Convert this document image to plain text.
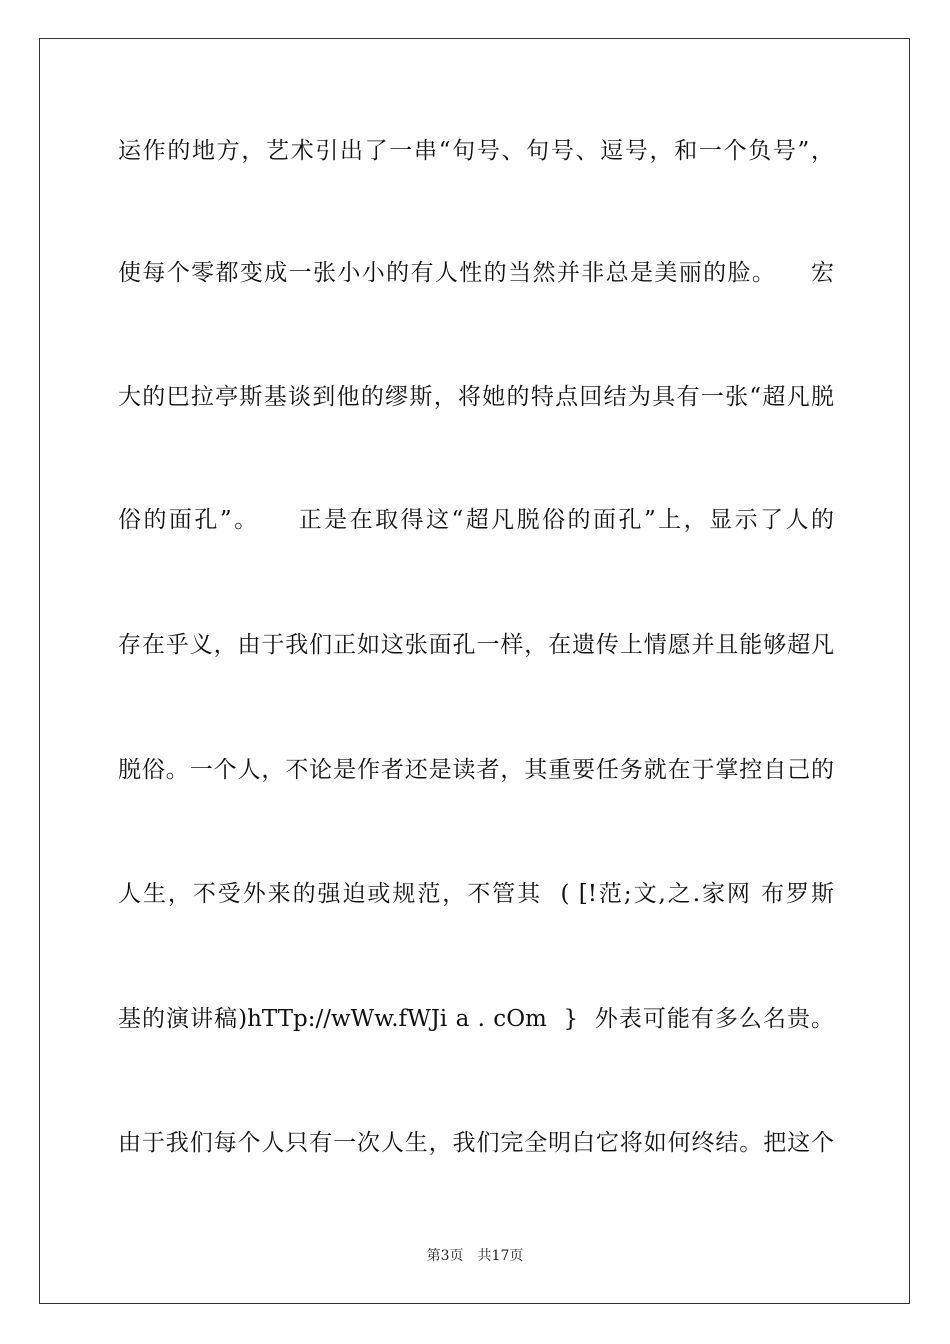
运作的地方，艺术引出了一串“句号、句号、逗号，和一个负号”，
使每个零都变成一张小小的有人性的当然并非总是美丽的脸。    宏
大的巴拉亭斯基谈到他的缪斯，将她的特点回结为具有一张“超凡脱
俗的面孔”。    正是在取得这“超凡脱俗的面孔”上，显示了人的
存在乎义，由于我们正如这张面孔一样，在遗传上情愿并且能够超凡
脱俗。一个人，不论是作者还是读者，其重要任务就在于掌控自己的
人生，不受外来的强迫或规范，不管其  ( [!范;文,之.家网 布罗斯
基的演讲稿)hTTp://wWw.fWJi a . cOm  }  外表可能有多么名贵。
由于我们每个人只有一次人生，我们完全明白它将如何终结。把这个
第3页 共17页
